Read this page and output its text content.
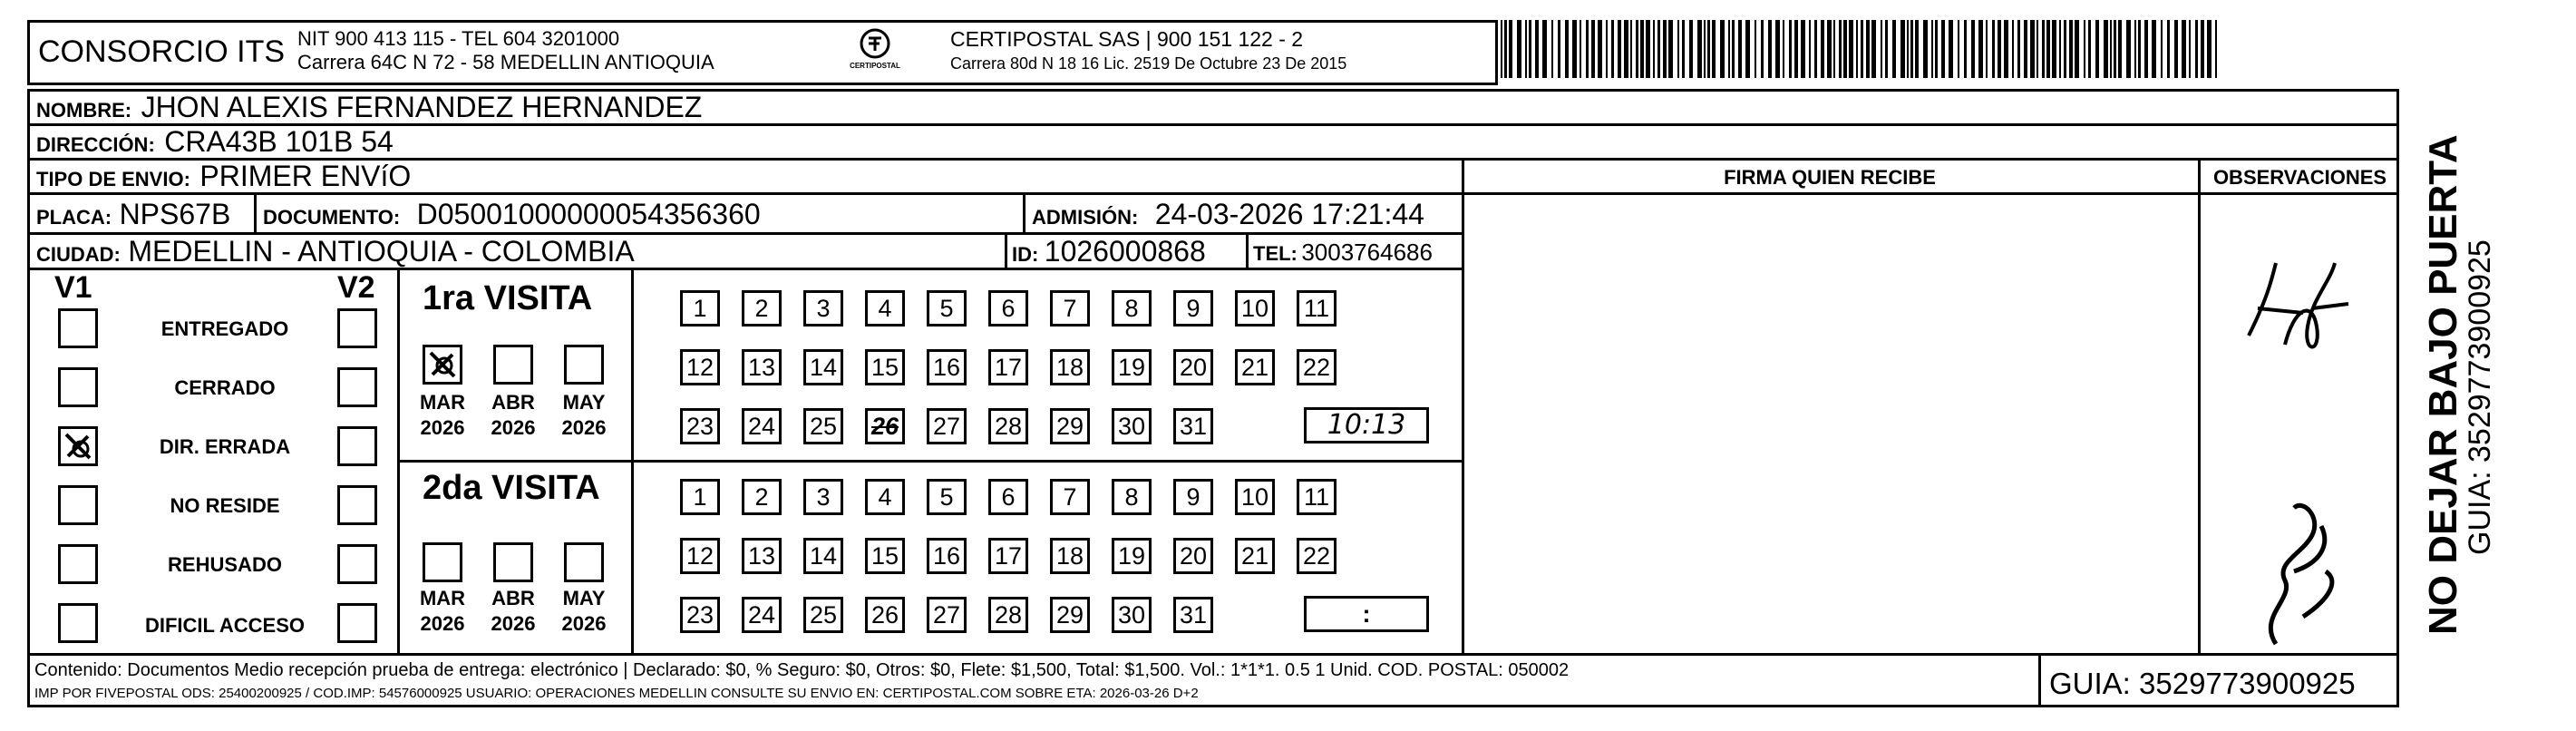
CONSORCIO ITS NIT 900 413 115 - TEL 604 3201000
Carrera 64C N 72 - 58 MEDELLIN ANTIOQUIA	CERTIPOSTAL
CERTIPOSTAL SAS | 900 151 122 - 2
Carrera 80d N 18 16 Lic. 2519 De Octubre 23 De 2015
NOMBRE: JHON ALEXIS FERNANDEZ HERNANDEZ
DIRECCIÓN: CRA43B 101B 54
TIPO DE ENVIO: PRIMER ENVíO
PLACA: NPS67B DOCUMENTO: D05001000000054356360	ADMISIÓN: 24-03-2026 17:21:44
CIUDAD: MEDELLIN - ANTIOQUIA - COLOMBIA	ID: 1026000868 TEL: 3003764686
FIRMA QUIEN RECIBE	OBSERVACIONES
V1	V2
ENTREGADO
CERRADO
DIR. ERRADA
NO RESIDE
REHUSADO
DIFICIL ACCESO
1ra VISITA
MAR	ABR	MAY
2026	2026	2026
2da VISITA
MAR	ABR	MAY
2026	2026	2026
1	2	3	4	5	6	7	8	9	10 11
12 13 14 15 16 17 18 19 20 21 22
23 24 25 26 27 28 29 30 31
1	2	3	4	5	6	7	8	9	10 11
12 13 14 15 16 17 18 19 20 21 22
23 24 25 26 27 28 29 30 31
10:13
:
Contenido: Documentos Medio recepción prueba de entrega: electrónico | Declarado: $0, % Seguro: $0, Otros: $0, Flete: $1,500, Total: $1,500. Vol.: 1*1*1. 0.5 1 Unid. COD. POSTAL: 050002
IMP POR FIVEPOSTAL ODS: 25400200925 / COD.IMP: 54576000925 USUARIO: OPERACIONES MEDELLIN CONSULTE SU ENVIO EN: CERTIPOSTAL.COM SOBRE ETA: 2026-03-26 D+2	GUIA: 3529773900925
NO DEJAR BAJO PUERTA
GUIA: 3529773900925
